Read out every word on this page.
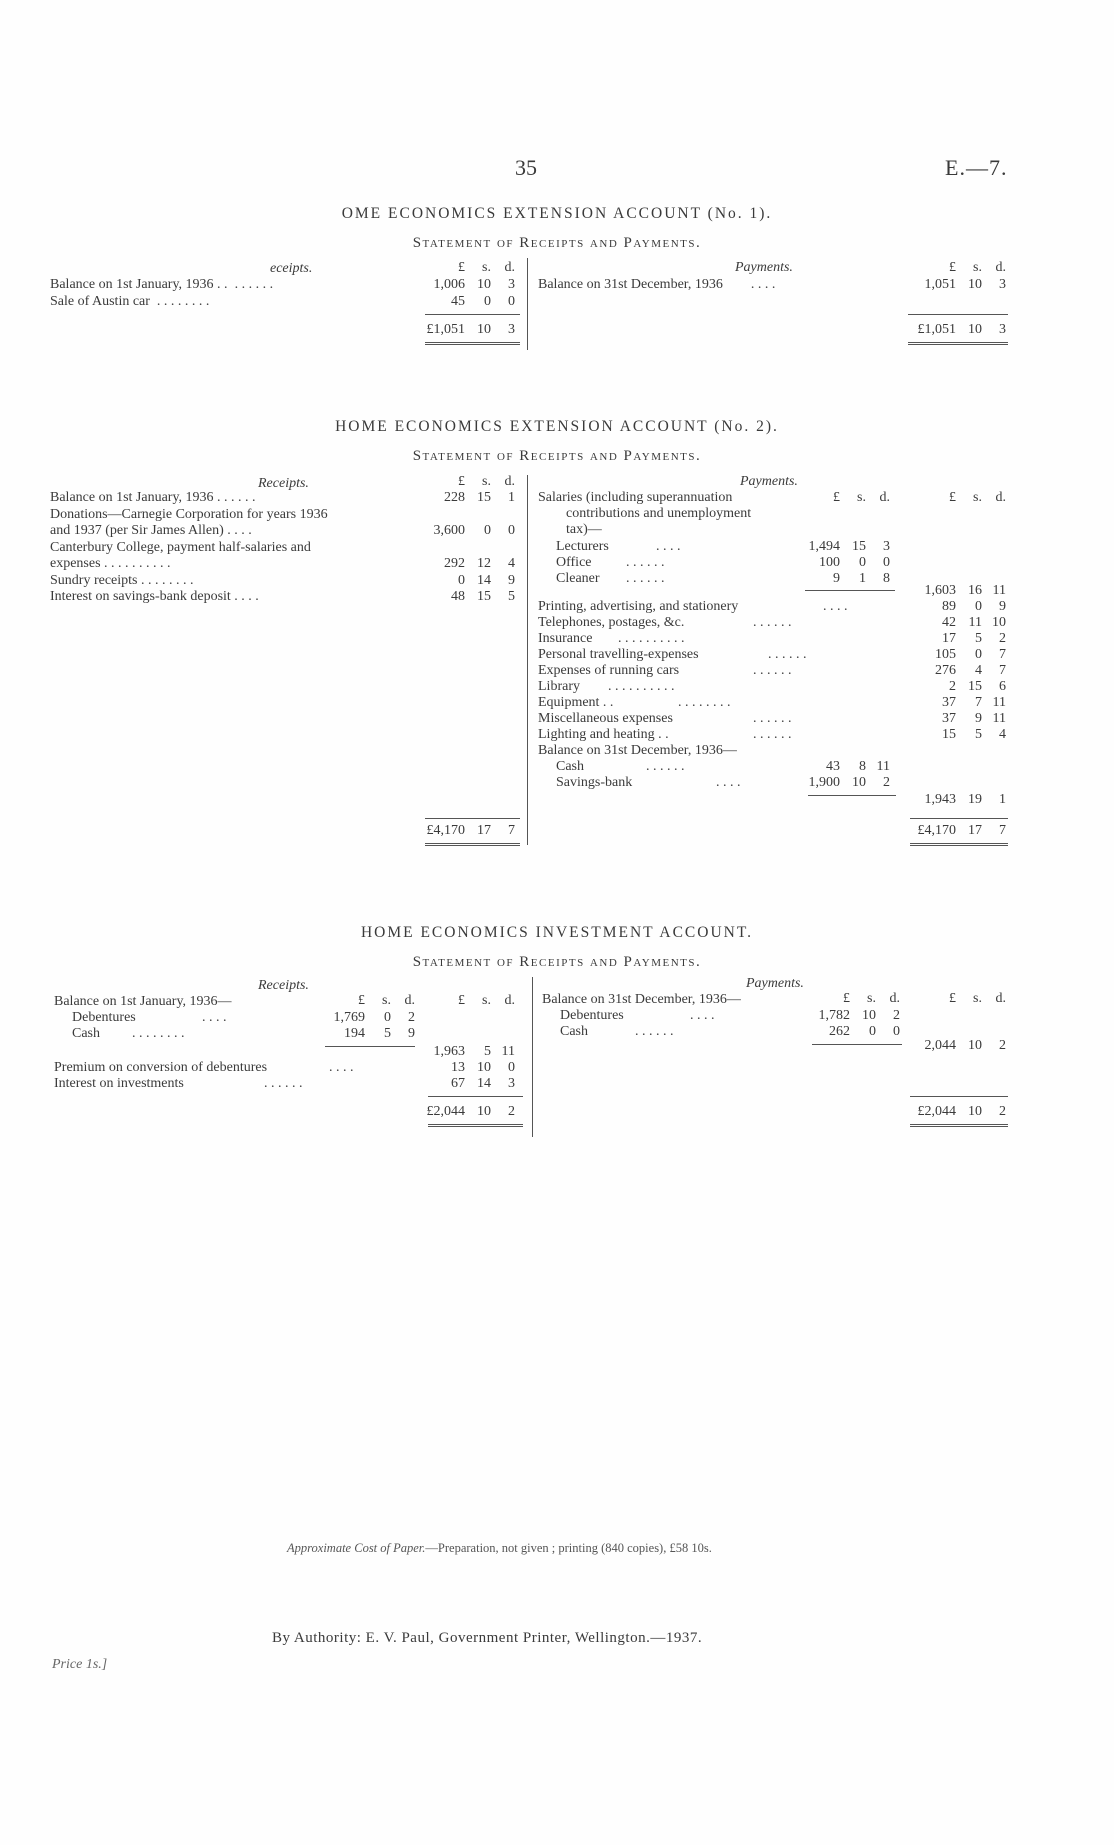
35	E.—7.
OME ECONOMICS EXTENSION ACCOUNT (No. 1).
Statement of Receipts and Payments.
eceipts.	£ s. d.	Payments.	£ s. d.
Balance on 1st January, 1936 . . . . . . . .	1,006 10 3
Sale of Austin car . . . . . . . .	45 0 0
£1,051 10 3
Balance on 31st December, 1936 . . . .	1,051 10 3
£1,051 10 3
HOME ECONOMICS EXTENSION ACCOUNT (No. 2).
Statement of Receipts and Payments.
Receipts.	£ s. d.	Payments.
£ s. d.	£ s. d.
Balance on 1st January, 1936 . . . . . .	228 15 1
Donations—Carnegie Corporation for years 1936
and 1937 (per Sir James Allen) . . . .	3,600 0 0
Canterbury College, payment half-salaries and
expenses . . . . . . . . . .	292 12 4
Sundry receipts . . . . . . . .	0 14 9
Interest on savings-bank deposit . . . .	48 15 5
£4,170 17 7
Salaries (including superannuation
contributions and unemployment
tax)—
Lecturers	. . . .	1,494 15 3
Office . . . . . .	100 0 0
Cleaner . . . . . .	9 1 8
1,603 16 11
Printing, advertising, and stationery	. . . .	89 0 9
Telephones, postages, &c.	. . . . . .	42 11 10
Insurance . . . . . . . . . .	17 5 2
Personal travelling-expenses	. . . . . .	105 0 7
Expenses of running cars	. . . . . .	276 4 7
Library . . . . . . . . . .	2 15 6
Equipment . .	. . . . . . . .	37 7 11
Miscellaneous expenses	. . . . . .	37 9 11
Lighting and heating . .	. . . . . .	15 5 4
Balance on 31st December, 1936—
Cash	. . . . . .	43 8 11
Savings-bank	. . . .	1,900 10 2
1,943 19 1
£4,170 17 7
HOME ECONOMICS INVESTMENT ACCOUNT.
Statement of Receipts and Payments.
Receipts.
£ s. d.	£ s. d.
Payments.
£ s. d.	£ s. d.
Balance on 1st January, 1936—
Debentures	. . . .	1,769 0 2
Cash . . . . . . . .	194 5 9
1,963 5 11
Premium on conversion of debentures	. . . .	13 10 0
Interest on investments	. . . . . .	67 14 3
£2,044 10 2
Balance on 31st December, 1936—
Debentures	. . . .	1,782 10 2
Cash	. . . . . .	262 0 0
2,044 10 2
£2,044 10 2
Approximate Cost of Paper.—Preparation, not given ; printing (840 copies), £58 10s.
By Authority: E. V. Paul, Government Printer, Wellington.—1937.
Price 1s.]
